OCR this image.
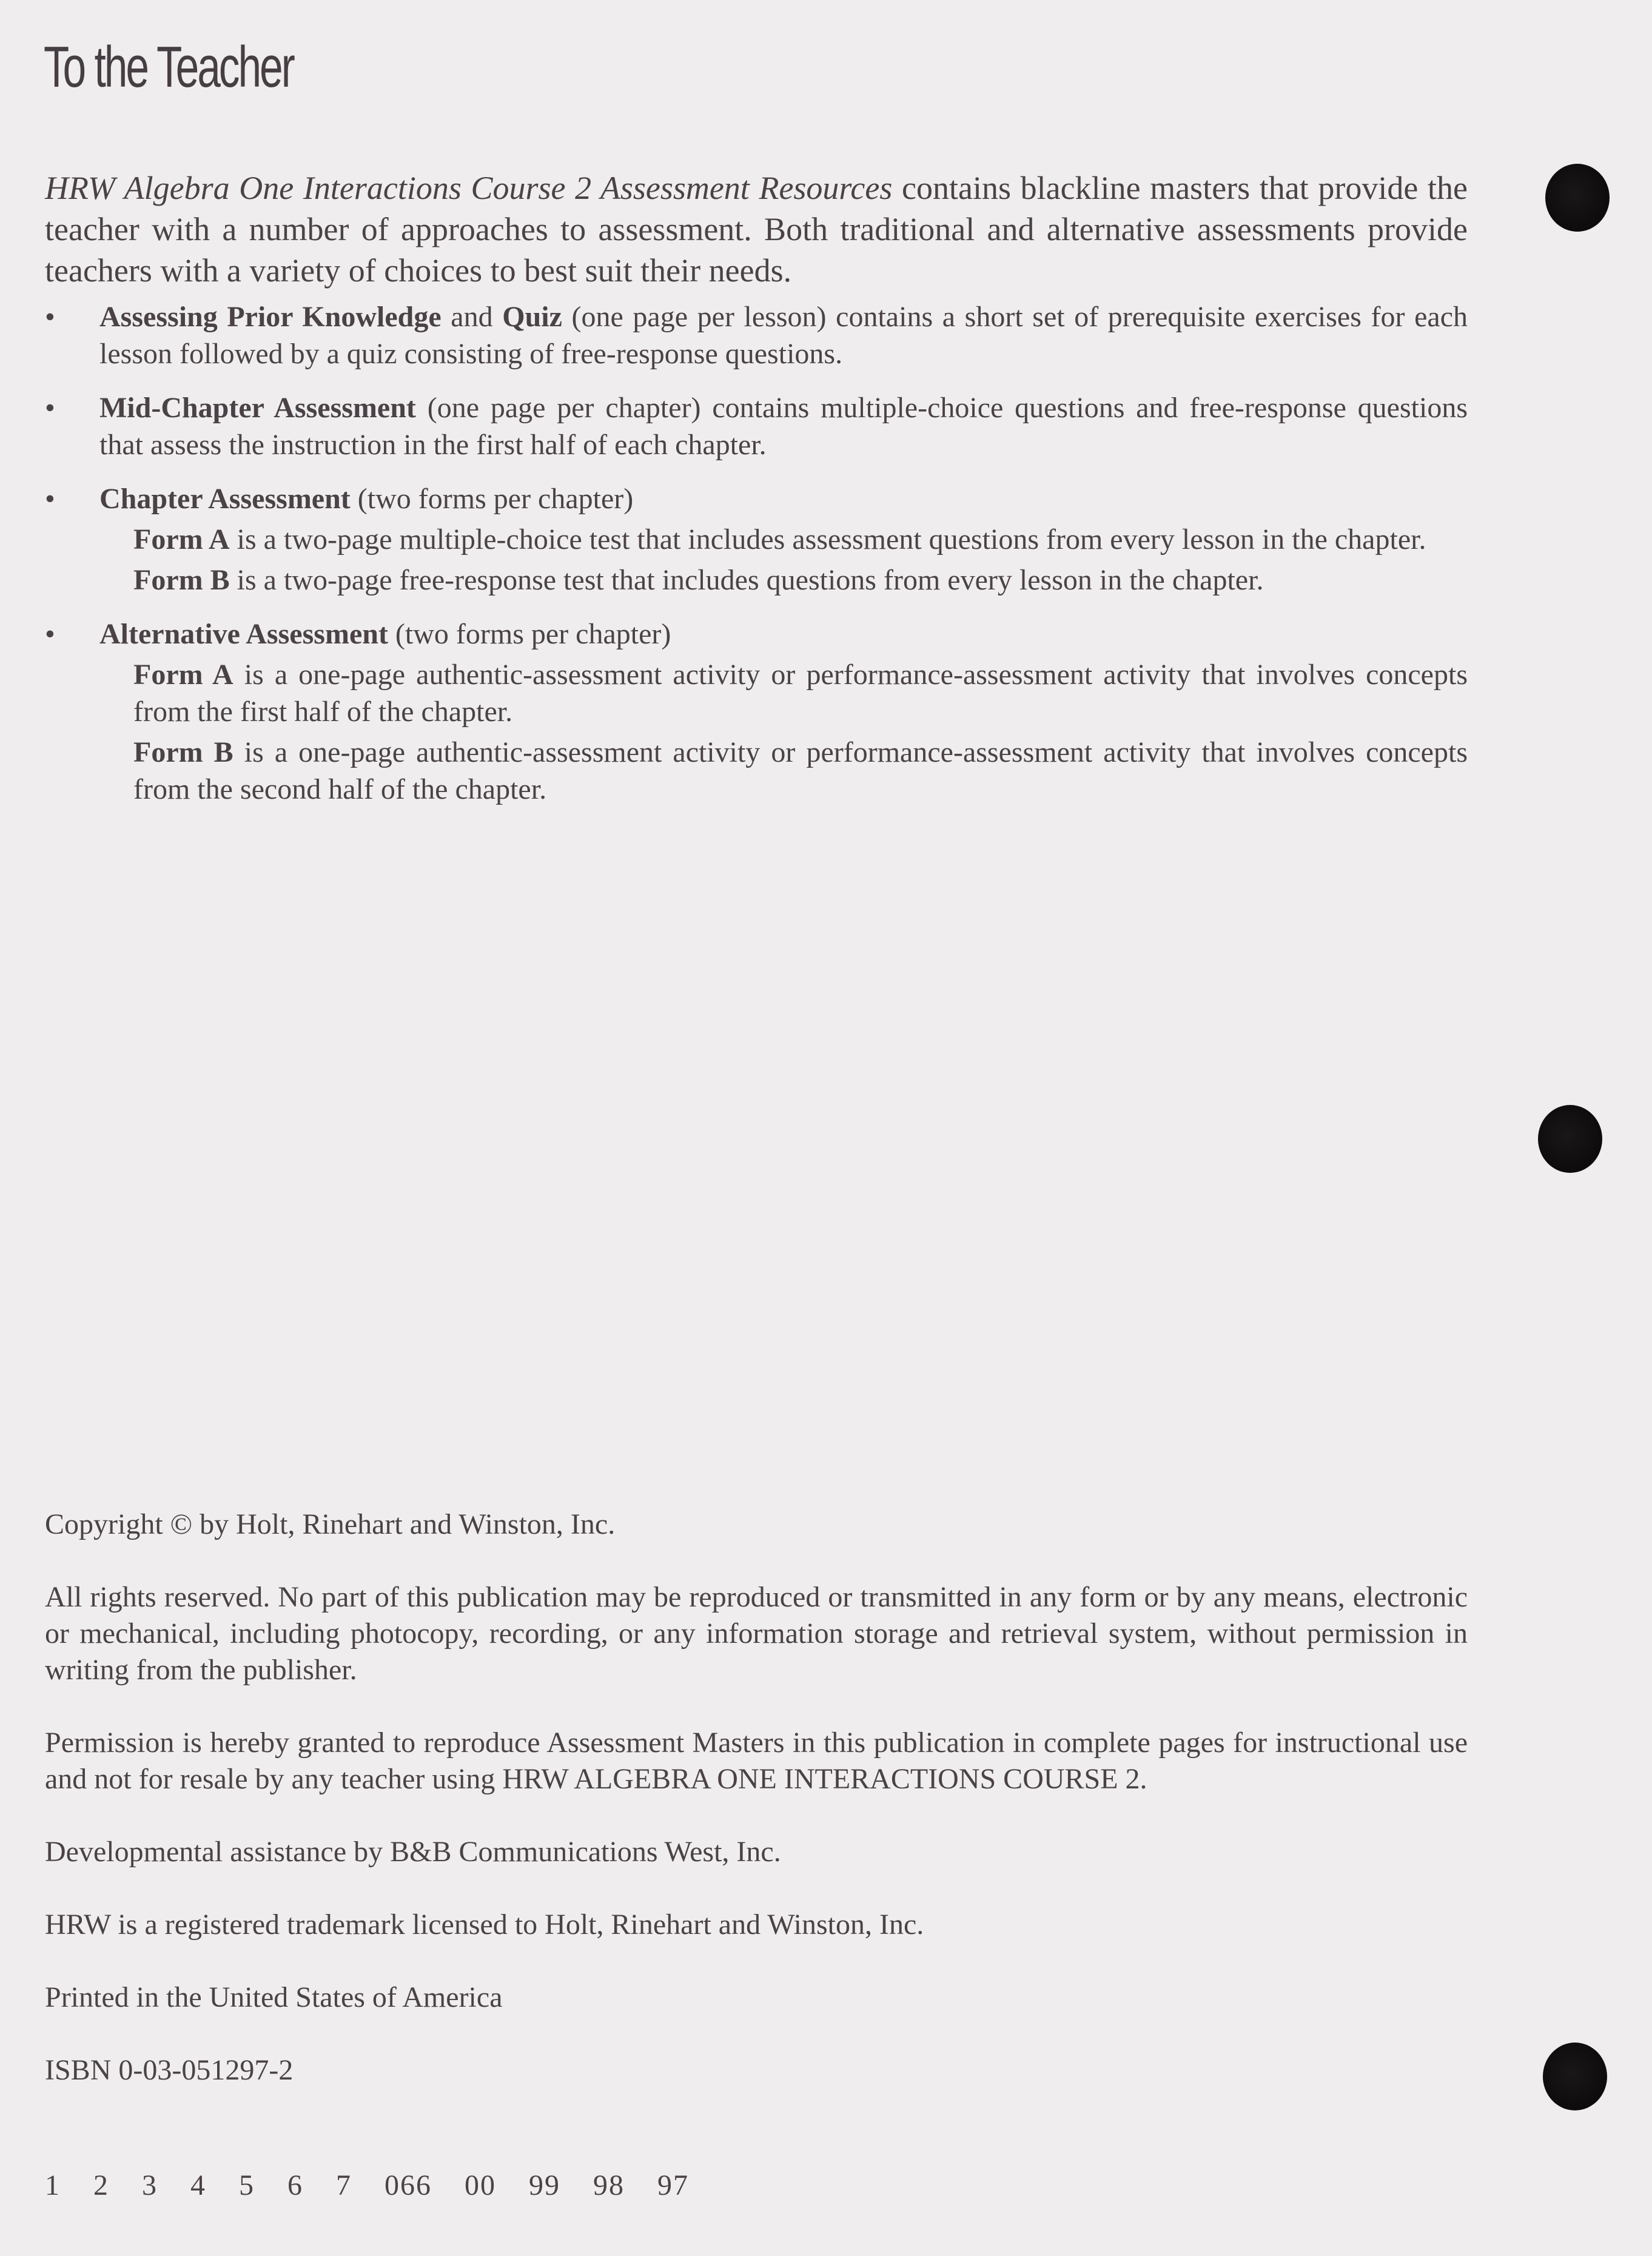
To the Teacher
HRW Algebra One Interactions Course 2 Assessment Resources contains blackline masters that provide the teacher with a number of approaches to assessment. Both traditional and alternative assessments provide teachers with a variety of choices to best suit their needs.
• Assessing Prior Knowledge and Quiz (one page per lesson) contains a short set of prerequisite exercises for each lesson followed by a quiz consisting of free-response questions.
• Mid-Chapter Assessment (one page per chapter) contains multiple-choice questions and free-response questions that assess the instruction in the first half of each chapter.
• Chapter Assessment (two forms per chapter)
Form A is a two-page multiple-choice test that includes assessment questions from every lesson in the chapter.
Form B is a two-page free-response test that includes questions from every lesson in the chapter.
• Alternative Assessment (two forms per chapter)
Form A is a one-page authentic-assessment activity or performance-assessment activity that involves concepts from the first half of the chapter.
Form B is a one-page authentic-assessment activity or performance-assessment activity that involves concepts from the second half of the chapter.

Copyright © by Holt, Rinehart and Winston, Inc.

All rights reserved. No part of this publication may be reproduced or transmitted in any form or by any means, electronic or mechanical, including photocopy, recording, or any information storage and retrieval system, without permission in writing from the publisher.

Permission is hereby granted to reproduce Assessment Masters in this publication in complete pages for instructional use and not for resale by any teacher using HRW ALGEBRA ONE INTERACTIONS COURSE 2.

Developmental assistance by B&B Communications West, Inc.

HRW is a registered trademark licensed to Holt, Rinehart and Winston, Inc.

Printed in the United States of America

ISBN 0-03-051297-2

1 2 3 4 5 6 7 066 00 99 98 97
